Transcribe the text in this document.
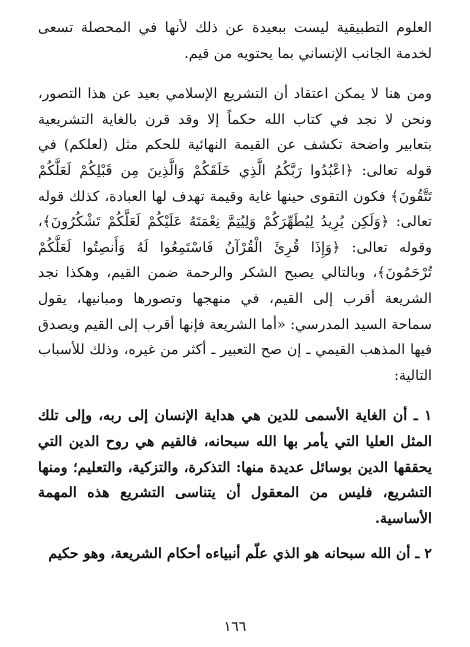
العلوم التطبيقية ليست ببعيدة عن ذلك لأنها في المحصلة تسعى لخدمة الجانب الإنساني بما يحتويه من قيم.

ومن هنا لا يمكن اعتقاد أن التشريع الإسلامي بعيد عن هذا التصور، ونحن لا نجد في كتاب الله حكماً إلا وقد قرن بالغاية التشريعية بتعابير واضحة تكشف عن القيمة النهائية للحكم مثل (لعلكم) في قوله تعالى: ﴿اعْبُدُوا رَبَّكُمُ الَّذِي خَلَقَكُمْ وَالَّذِينَ مِن قَبْلِكُمْ لَعَلَّكُمْ تَتَّقُونَ﴾ فكون التقوى حينها غاية وقيمة تهدف لها العبادة، كذلك قوله تعالى: ﴿وَلَكِن يُرِيدُ لِيُطَهِّرَكُمْ وَلِيُتِمَّ نِعْمَتَهُ عَلَيْكُمْ لَعَلَّكُمْ تَشْكُرُونَ﴾، وقوله تعالى: ﴿وَإِذَا قُرِئَ الْقُرْآنُ فَاسْتَمِعُوا لَهُ وَأَنصِتُوا لَعَلَّكُمْ تُرْحَمُونَ﴾، وبالتالي يصبح الشكر والرحمة ضمن القيم، وهكذا نجد الشريعة أقرب إلى القيم، في منهجها وتصورها ومبانيها، يقول سماحة السيد المدرسي: «أما الشريعة فإنها أقرب إلى القيم ويصدق فيها المذهب القيمي ـ إن صح التعبير ـ أكثر من غيره، وذلك للأسباب التالية:

١ ـ أن الغاية الأسمى للدين هي هداية الإنسان إلى ربه، وإلى تلك المثل العليا التي يأمر بها الله سبحانه، فالقيم هي روح الدين التي يحققها الدين بوسائل عديدة منها: التذكرة، والتزكية، والتعليم؛ ومنها التشريع، فليس من المعقول أن يتناسى التشريع هذه المهمة الأساسية.

٢ ـ أن الله سبحانه هو الذي علّم أنبياءه أحكام الشريعة، وهو حكيم

١٦٦
